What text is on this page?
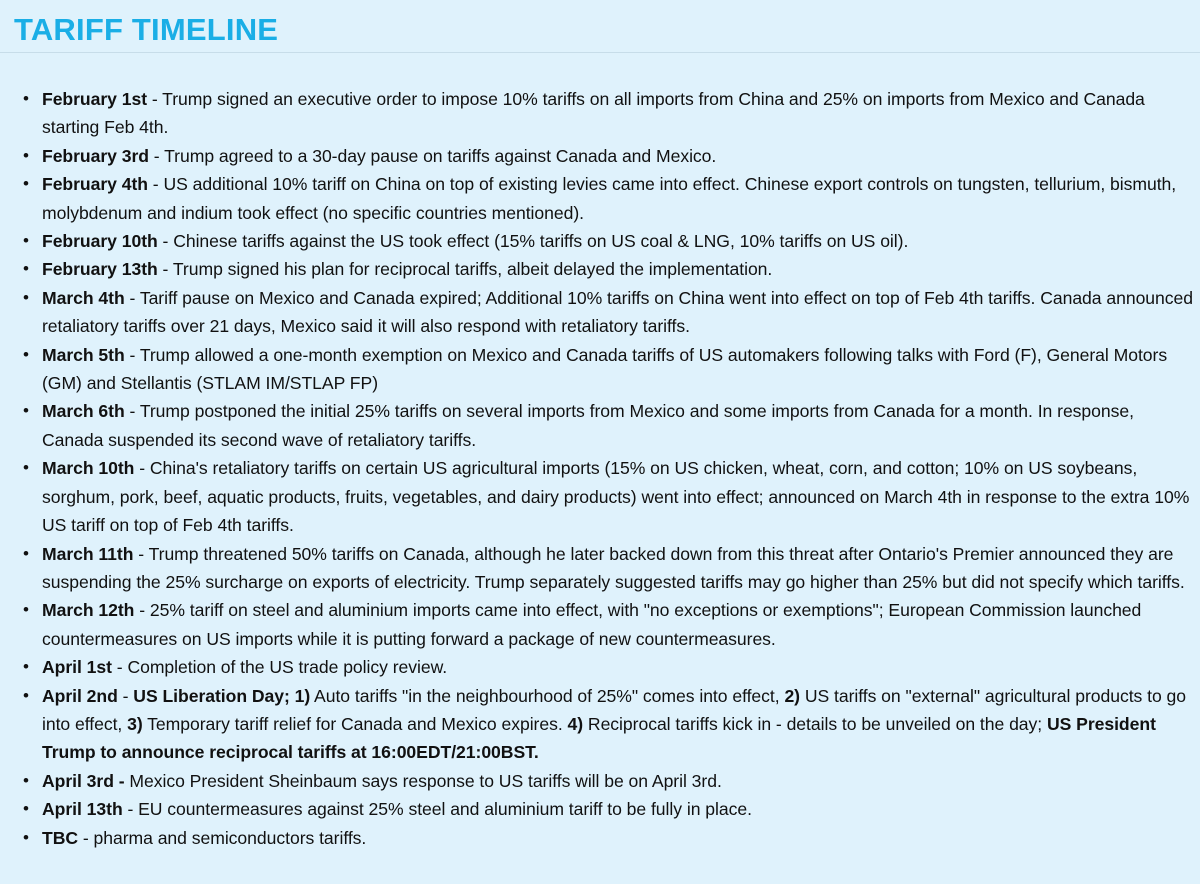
TARIFF TIMELINE
• February 1st - Trump signed an executive order to impose 10% tariffs on all imports from China and 25% on imports from Mexico and Canada starting Feb 4th.
• February 3rd - Trump agreed to a 30-day pause on tariffs against Canada and Mexico.
• February 4th - US additional 10% tariff on China on top of existing levies came into effect. Chinese export controls on tungsten, tellurium, bismuth, molybdenum and indium took effect (no specific countries mentioned).
• February 10th - Chinese tariffs against the US took effect (15% tariffs on US coal & LNG, 10% tariffs on US oil).
• February 13th - Trump signed his plan for reciprocal tariffs, albeit delayed the implementation.
• March 4th - Tariff pause on Mexico and Canada expired; Additional 10% tariffs on China went into effect on top of Feb 4th tariffs. Canada announced retaliatory tariffs over 21 days, Mexico said it will also respond with retaliatory tariffs.
• March 5th - Trump allowed a one-month exemption on Mexico and Canada tariffs of US automakers following talks with Ford (F), General Motors (GM) and Stellantis (STLAM IM/STLAP FP)
• March 6th - Trump postponed the initial 25% tariffs on several imports from Mexico and some imports from Canada for a month. In response, Canada suspended its second wave of retaliatory tariffs.
• March 10th - China's retaliatory tariffs on certain US agricultural imports (15% on US chicken, wheat, corn, and cotton; 10% on US soybeans, sorghum, pork, beef, aquatic products, fruits, vegetables, and dairy products) went into effect; announced on March 4th in response to the extra 10% US tariff on top of Feb 4th tariffs.
• March 11th - Trump threatened 50% tariffs on Canada, although he later backed down from this threat after Ontario's Premier announced they are suspending the 25% surcharge on exports of electricity. Trump separately suggested tariffs may go higher than 25% but did not specify which tariffs.
• March 12th - 25% tariff on steel and aluminium imports came into effect, with "no exceptions or exemptions"; European Commission launched countermeasures on US imports while it is putting forward a package of new countermeasures.
• April 1st - Completion of the US trade policy review.
• April 2nd - US Liberation Day; 1) Auto tariffs "in the neighbourhood of 25%" comes into effect, 2) US tariffs on "external" agricultural products to go into effect, 3) Temporary tariff relief for Canada and Mexico expires. 4) Reciprocal tariffs kick in - details to be unveiled on the day; US President Trump to announce reciprocal tariffs at 16:00EDT/21:00BST.
• April 3rd - Mexico President Sheinbaum says response to US tariffs will be on April 3rd.
• April 13th - EU countermeasures against 25% steel and aluminium tariff to be fully in place.
• TBC - pharma and semiconductors tariffs.
